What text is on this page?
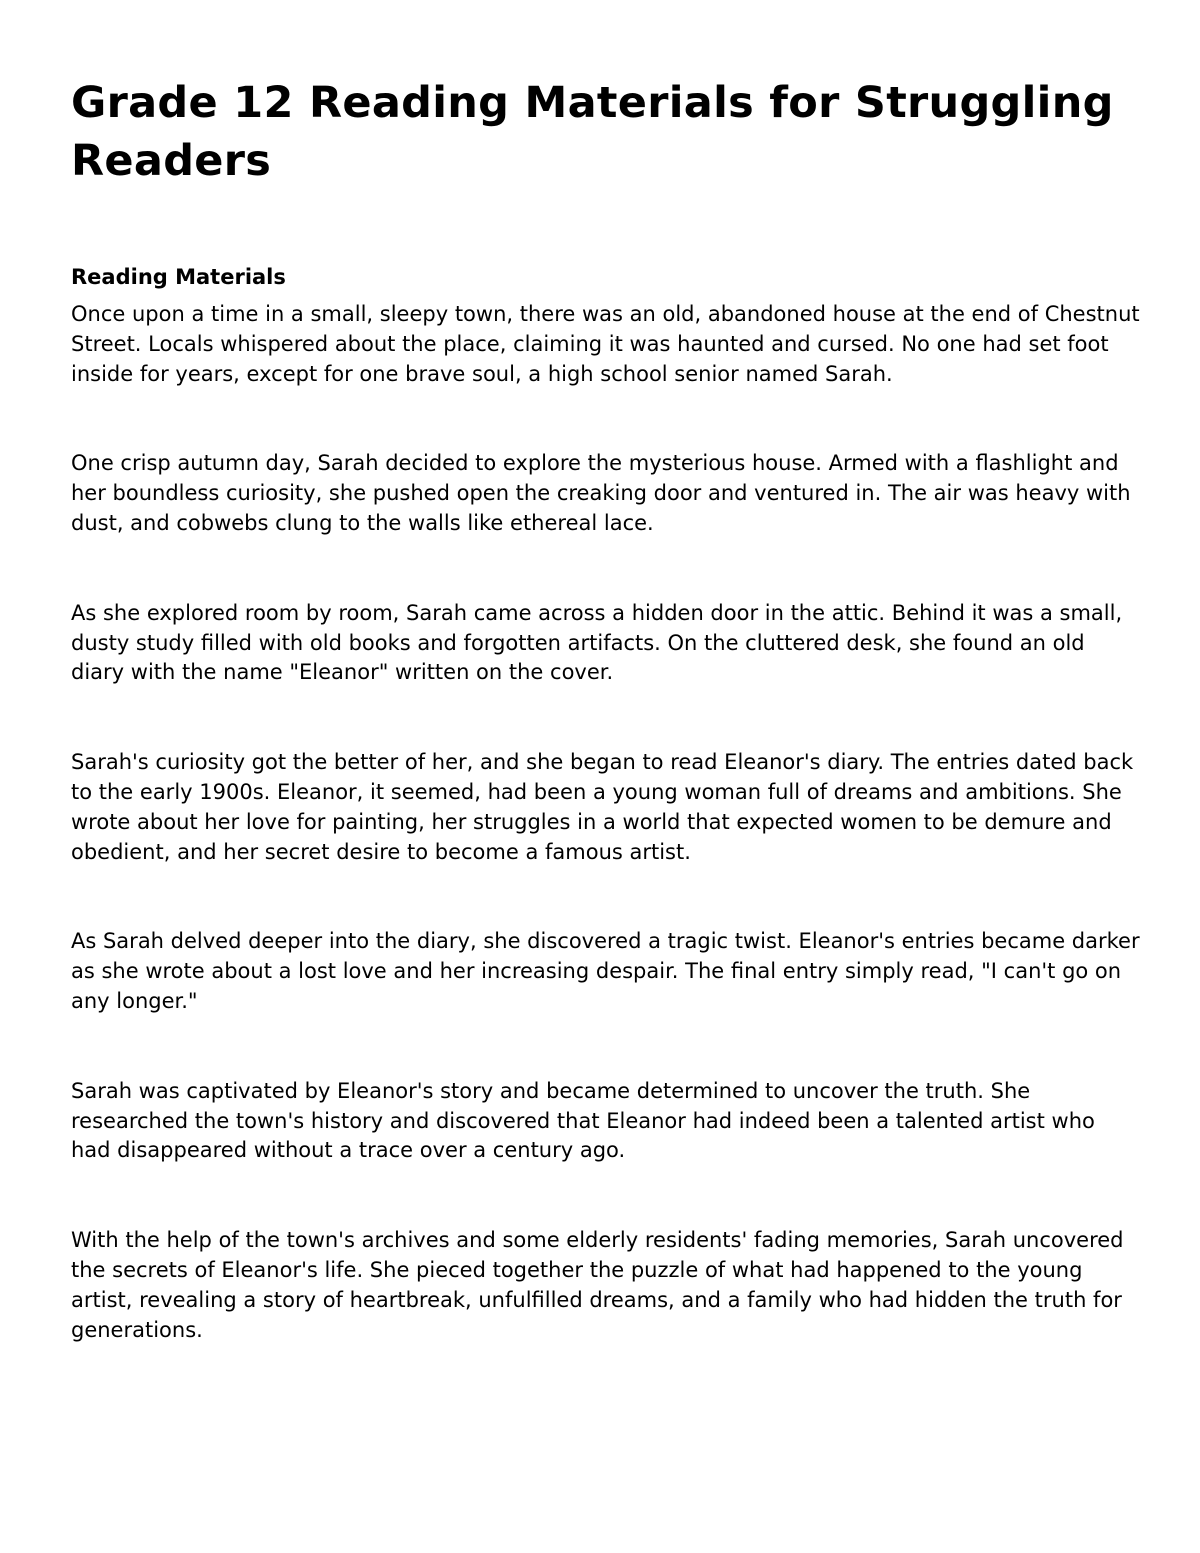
Grade 12 Reading Materials for Struggling Readers
Reading Materials

Once upon a time in a small, sleepy town, there was an old, abandoned house at the end of Chestnut Street. Locals whispered about the place, claiming it was haunted and cursed. No one had set foot inside for years, except for one brave soul, a high school senior named Sarah.

One crisp autumn day, Sarah decided to explore the mysterious house. Armed with a flashlight and her boundless curiosity, she pushed open the creaking door and ventured in. The air was heavy with dust, and cobwebs clung to the walls like ethereal lace.

As she explored room by room, Sarah came across a hidden door in the attic. Behind it was a small, dusty study filled with old books and forgotten artifacts. On the cluttered desk, she found an old diary with the name "Eleanor" written on the cover.

Sarah's curiosity got the better of her, and she began to read Eleanor's diary. The entries dated back to the early 1900s. Eleanor, it seemed, had been a young woman full of dreams and ambitions. She wrote about her love for painting, her struggles in a world that expected women to be demure and obedient, and her secret desire to become a famous artist.

As Sarah delved deeper into the diary, she discovered a tragic twist. Eleanor's entries became darker as she wrote about a lost love and her increasing despair. The final entry simply read, "I can't go on any longer."

Sarah was captivated by Eleanor's story and became determined to uncover the truth. She researched the town's history and discovered that Eleanor had indeed been a talented artist who had disappeared without a trace over a century ago.

With the help of the town's archives and some elderly residents' fading memories, Sarah uncovered the secrets of Eleanor's life. She pieced together the puzzle of what had happened to the young artist, revealing a story of heartbreak, unfulfilled dreams, and a family who had hidden the truth for generations.
